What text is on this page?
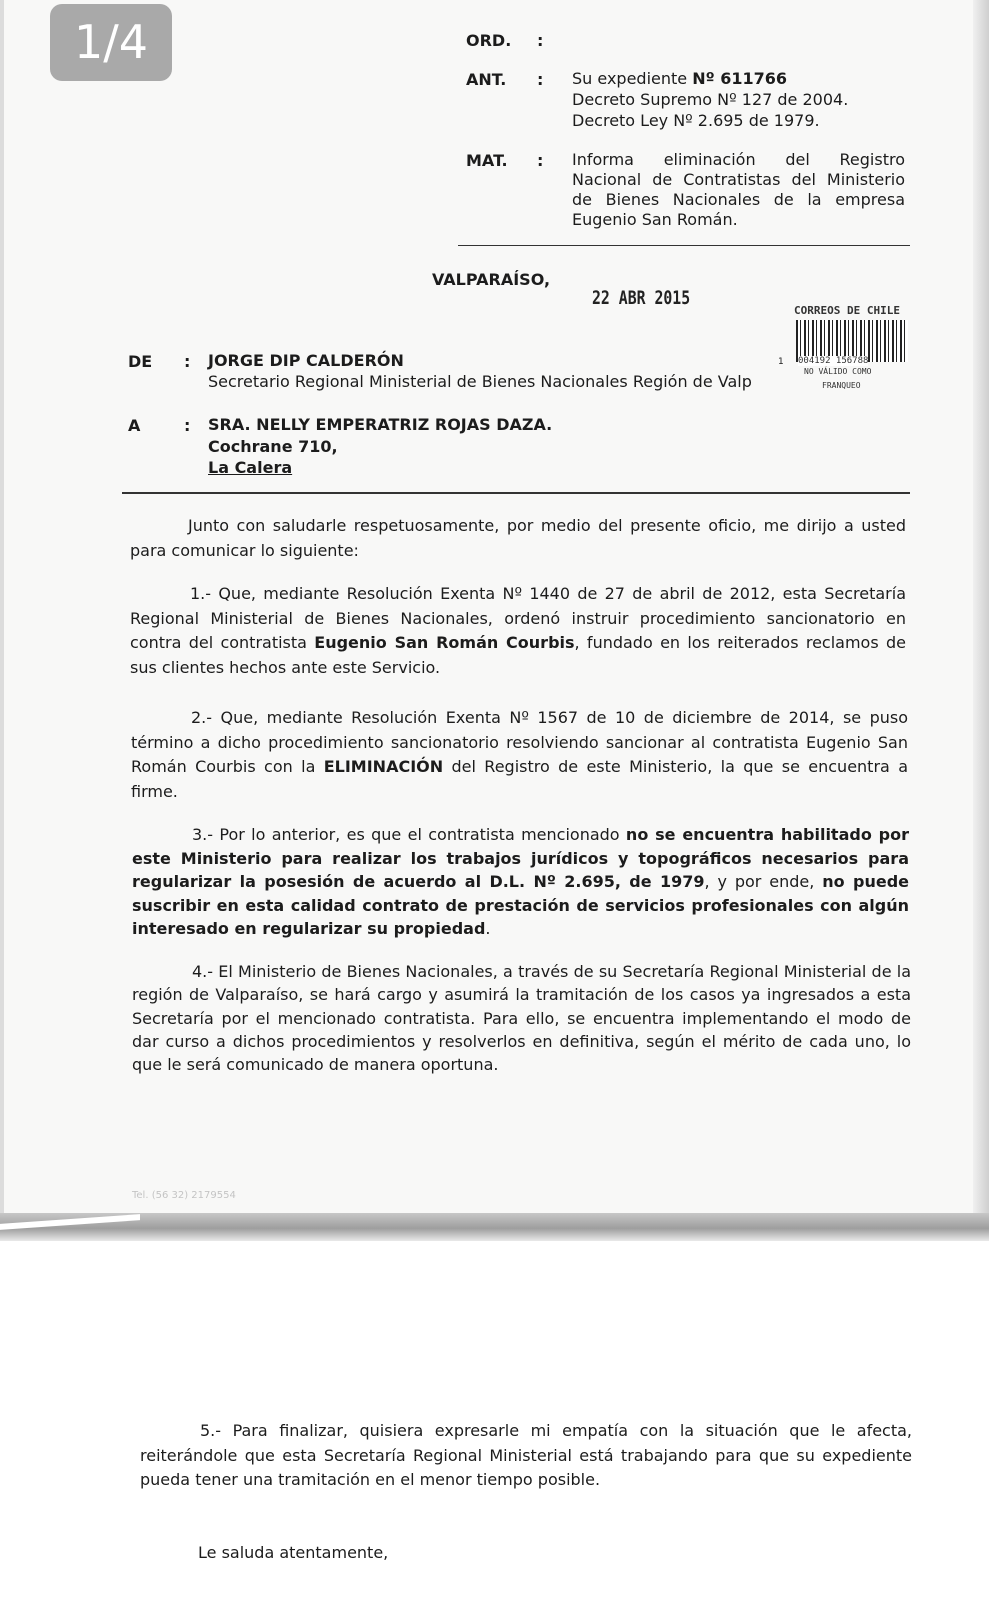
ORD. :
ANT. : Su expediente Nº 611766
Decreto Supremo Nº 127 de 2004.
Decreto Ley Nº 2.695 de 1979.
MAT. : Informa eliminación del Registro
Nacional de Contratistas del Ministerio
de Bienes Nacionales de la empresa
Eugenio San Román.
VALPARAÍSO,
22 ABR 2015
CORREOS DE CHILE
004192 156788
NO VÁLIDO COMO
FRANQUEO
1
DE : JORGE DIP CALDERÓN
Secretario Regional Ministerial de Bienes Nacionales Región de Valp
A	: SRA. NELLY EMPERATRIZ ROJAS DAZA.
Cochrane 710,
La Calera
Junto con saludarle respetuosamente, por medio del presente oficio, me dirijo a usted para comunicar lo siguiente:
1.- Que, mediante Resolución Exenta Nº 1440 de 27 de abril de 2012, esta Secretaría Regional Ministerial de Bienes Nacionales, ordenó instruir procedimiento sancionatorio en contra del contratista Eugenio San Román Courbis, fundado en los reiterados reclamos de sus clientes hechos ante este Servicio.
2.- Que, mediante Resolución Exenta Nº 1567 de 10 de diciembre de 2014, se puso término a dicho procedimiento sancionatorio resolviendo sancionar al contratista Eugenio San Román Courbis con la ELIMINACIÓN del Registro de este Ministerio, la que se encuentra a firme.
3.- Por lo anterior, es que el contratista mencionado no se encuentra habilitado por este Ministerio para realizar los trabajos jurídicos y topográficos necesarios para regularizar la posesión de acuerdo al D.L. Nº 2.695, de 1979, y por ende, no puede suscribir en esta calidad contrato de prestación de servicios profesionales con algún interesado en regularizar su propiedad.
4.- El Ministerio de Bienes Nacionales, a través de su Secretaría Regional Ministerial de la región de Valparaíso, se hará cargo y asumirá la tramitación de los casos ya ingresados a esta Secretaría por el mencionado contratista. Para ello, se encuentra implementando el modo de dar curso a dichos procedimientos y resolverlos en definitiva, según el mérito de cada uno, lo que le será comunicado de manera oportuna.
Tel. (56 32) 2179554
5.- Para finalizar, quisiera expresarle mi empatía con la situación que le afecta, reiterándole que esta Secretaría Regional Ministerial está trabajando para que su expediente pueda tener una tramitación en el menor tiempo posible.
Le saluda atentamente,
1/4
